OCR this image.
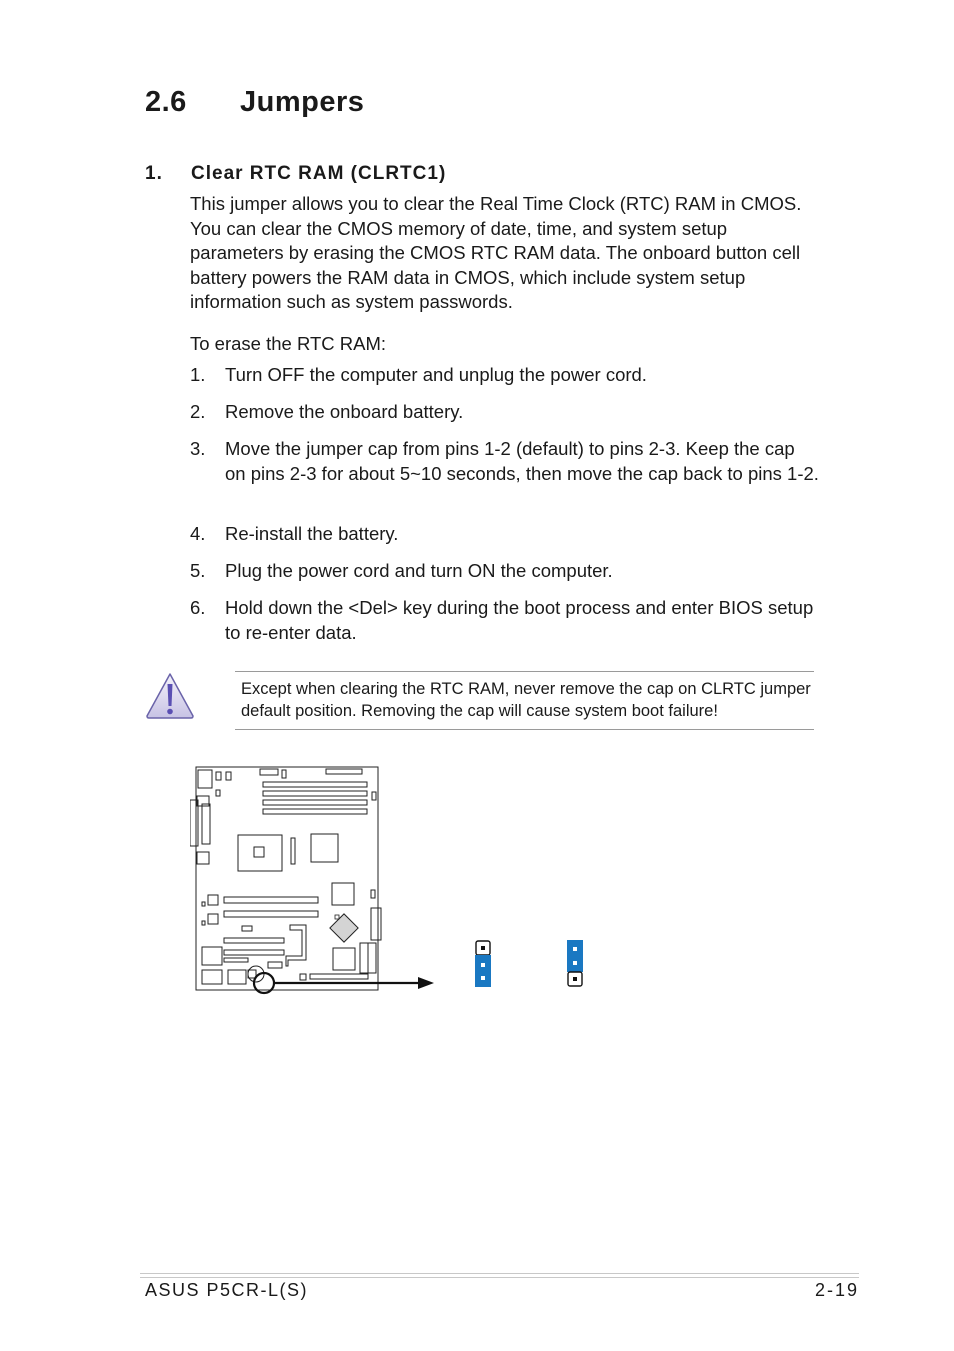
2.6 Jumpers
1. Clear RTC RAM (CLRTC1)

This jumper allows you to clear the Real Time Clock (RTC) RAM in CMOS. You can clear the CMOS memory of date, time, and system setup parameters by erasing the CMOS RTC RAM data. The onboard button cell battery powers the RAM data in CMOS, which include system setup information such as system passwords.

To erase the RTC RAM:

1.	Turn OFF the computer and unplug the power cord.
2.	Remove the onboard battery.
3.	Move the jumper cap from pins 1-2 (default) to pins 2-3. Keep the cap on pins 2-3 for about 5~10 seconds, then move the cap back to pins 1-2.
4.	Re-install the battery.
5.	Plug the power cord and turn ON the computer.
6.	Hold down the <Del> key during the boot process and enter BIOS setup to re-enter data.

Except when clearing the RTC RAM, never remove the cap on CLRTC jumper default position. Removing the cap will cause system boot failure!

ASUS P5CR-L(S)	2-19
